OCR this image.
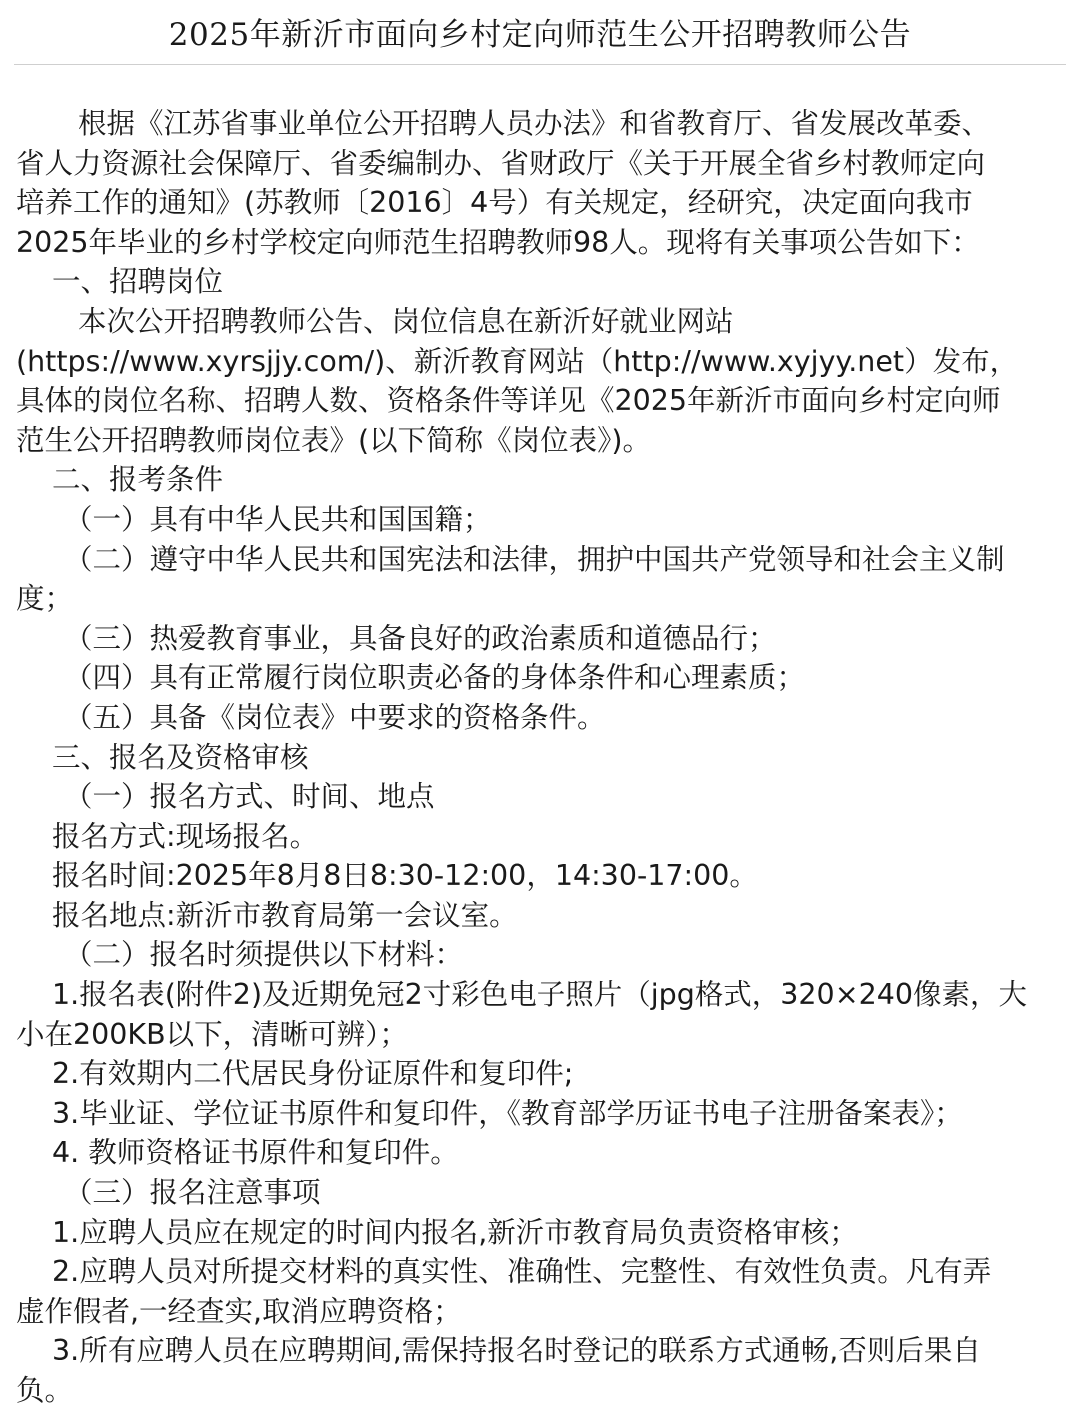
2025年新沂市面向乡村定向师范生公开招聘教师公告
根据《江苏省事业单位公开招聘人员办法》和省教育厅、省发展改革委、
省人力资源社会保障厅、省委编制办、省财政厅《关于开展全省乡村教师定向
培养工作的通知》(苏教师〔2016〕4号）有关规定，经研究，决定面向我市
2025年毕业的乡村学校定向师范生招聘教师98人。现将有关事项公告如下：
一、招聘岗位
本次公开招聘教师公告、岗位信息在新沂好就业网站
(https://www.xyrsjjy.com/)、新沂教育网站（http://www.xyjyy.net）发布，
具体的岗位名称、招聘人数、资格条件等详见《2025年新沂市面向乡村定向师
范生公开招聘教师岗位表》(以下简称《岗位表》)。
二、报考条件
（一）具有中华人民共和国国籍；
（二）遵守中华人民共和国宪法和法律，拥护中国共产党领导和社会主义制
度；
（三）热爱教育事业，具备良好的政治素质和道德品行；
（四）具有正常履行岗位职责必备的身体条件和心理素质；
（五）具备《岗位表》中要求的资格条件。
三、报名及资格审核
（一）报名方式、时间、地点
报名方式:现场报名。
报名时间:2025年8月8日8:30-12:00，14:30-17:00。
报名地点:新沂市教育局第一会议室。
（二）报名时须提供以下材料：
1.报名表(附件2)及近期免冠2寸彩色电子照片（jpg格式，320×240像素，大
小在200KB以下，清晰可辨）；
2.有效期内二代居民身份证原件和复印件;
3.毕业证、学位证书原件和复印件，《教育部学历证书电子注册备案表》；
4. 教师资格证书原件和复印件。
（三）报名注意事项
1.应聘人员应在规定的时间内报名,新沂市教育局负责资格审核；
2.应聘人员对所提交材料的真实性、准确性、完整性、有效性负责。凡有弄
虚作假者,一经查实,取消应聘资格；
3.所有应聘人员在应聘期间,需保持报名时登记的联系方式通畅,否则后果自
负。
